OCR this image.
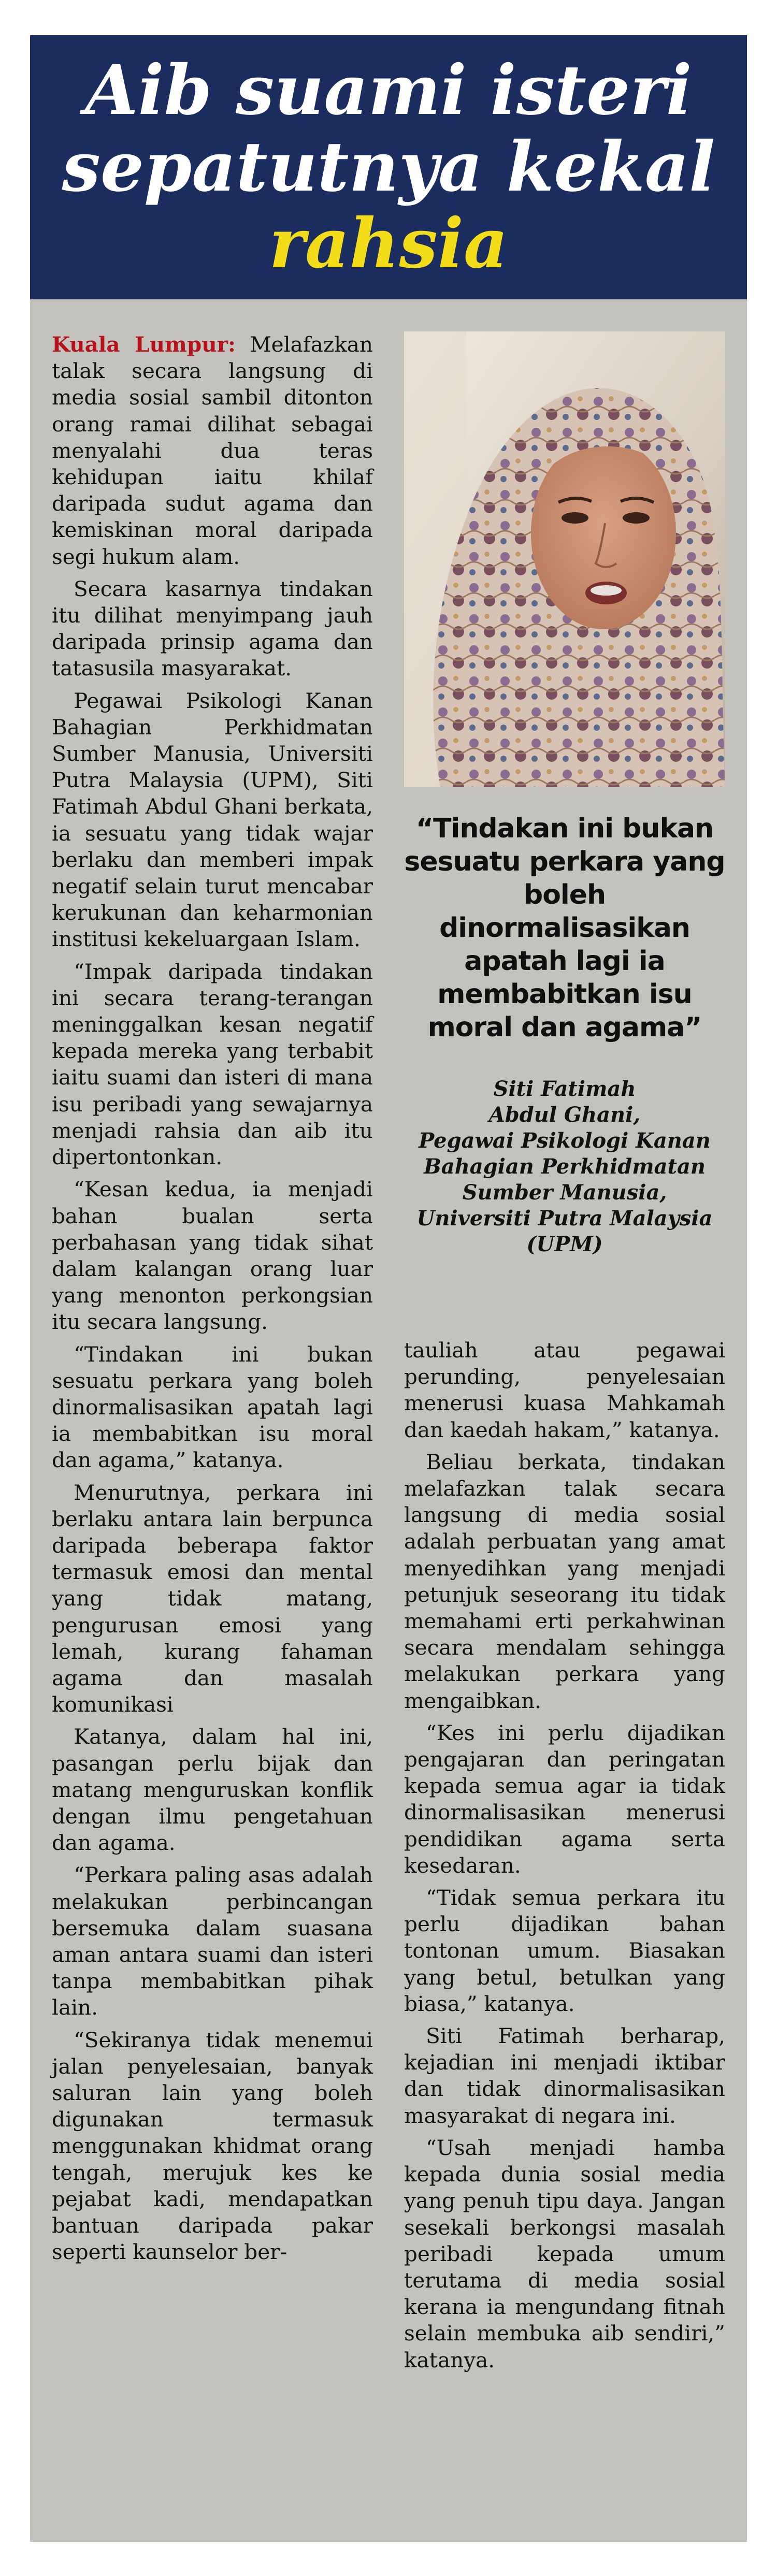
Aib suami isteri
sepatutnya kekal
rahsia

Kuala Lumpur: Melafazkan talak secara langsung di media sosial sambil ditonton orang ramai dilihat sebagai menyalahi dua teras kehidupan iaitu khilaf daripada sudut agama dan kemiskinan moral daripada segi hukum alam.

Secara kasarnya tindakan itu dilihat menyimpang jauh daripada prinsip agama dan tatasusila masyarakat.

Pegawai Psikologi Kanan Bahagian Perkhidmatan Sumber Manusia, Universiti Putra Malaysia (UPM), Siti Fatimah Abdul Ghani berkata, ia sesuatu yang tidak wajar berlaku dan memberi impak negatif selain turut mencabar kerukunan dan keharmonian institusi kekeluargaan Islam.

“Impak daripada tindakan ini secara terang-terangan meninggalkan kesan negatif kepada mereka yang terbabit iaitu suami dan isteri di mana isu peribadi yang sewajarnya menjadi rahsia dan aib itu dipertontonkan.

“Kesan kedua, ia menjadi bahan bualan serta perbahasan yang tidak sihat dalam kalangan orang luar yang menonton perkongsian itu secara langsung.

“Tindakan ini bukan sesuatu perkara yang boleh dinormalisasikan apatah lagi ia membabitkan isu moral dan agama,” katanya.

Menurutnya, perkara ini berlaku antara lain berpunca daripada beberapa faktor termasuk emosi dan mental yang tidak matang, pengurusan emosi yang lemah, kurang fahaman agama dan masalah komunikasi

Katanya, dalam hal ini, pasangan perlu bijak dan matang menguruskan konflik dengan ilmu pengetahuan dan agama.

“Perkara paling asas adalah melakukan perbincangan bersemuka dalam suasana aman antara suami dan isteri tanpa membabitkan pihak lain.

“Sekiranya tidak menemui jalan penyelesaian, banyak saluran lain yang boleh digunakan termasuk menggunakan khidmat orang tengah, merujuk kes ke pejabat kadi, mendapatkan bantuan daripada pakar seperti kaunselor ber-

“Tindakan ini bukan sesuatu perkara yang boleh dinormalisasikan apatah lagi ia membabitkan isu moral dan agama”
Siti Fatimah
Abdul Ghani,
Pegawai Psikologi Kanan
Bahagian Perkhidmatan
Sumber Manusia,
Universiti Putra Malaysia
(UPM)

tauliah atau pegawai perunding, penyelesaian menerusi kuasa Mahkamah dan kaedah hakam,” katanya.

Beliau berkata, tindakan melafazkan talak secara langsung di media sosial adalah perbuatan yang amat menyedihkan yang menjadi petunjuk seseorang itu tidak memahami erti perkahwinan secara mendalam sehingga melakukan perkara yang mengaibkan.

“Kes ini perlu dijadikan pengajaran dan peringatan kepada semua agar ia tidak dinormalisasikan menerusi pendidikan agama serta kesedaran.

“Tidak semua perkara itu perlu dijadikan bahan tontonan umum. Biasakan yang betul, betulkan yang biasa,” katanya.

Siti Fatimah berharap, kejadian ini menjadi iktibar dan tidak dinormalisasikan masyarakat di negara ini.

“Usah menjadi hamba kepada dunia sosial media yang penuh tipu daya. Jangan sesekali berkongsi masalah peribadi kepada umum terutama di media sosial kerana ia mengundang fitnah selain membuka aib sendiri,” katanya.
